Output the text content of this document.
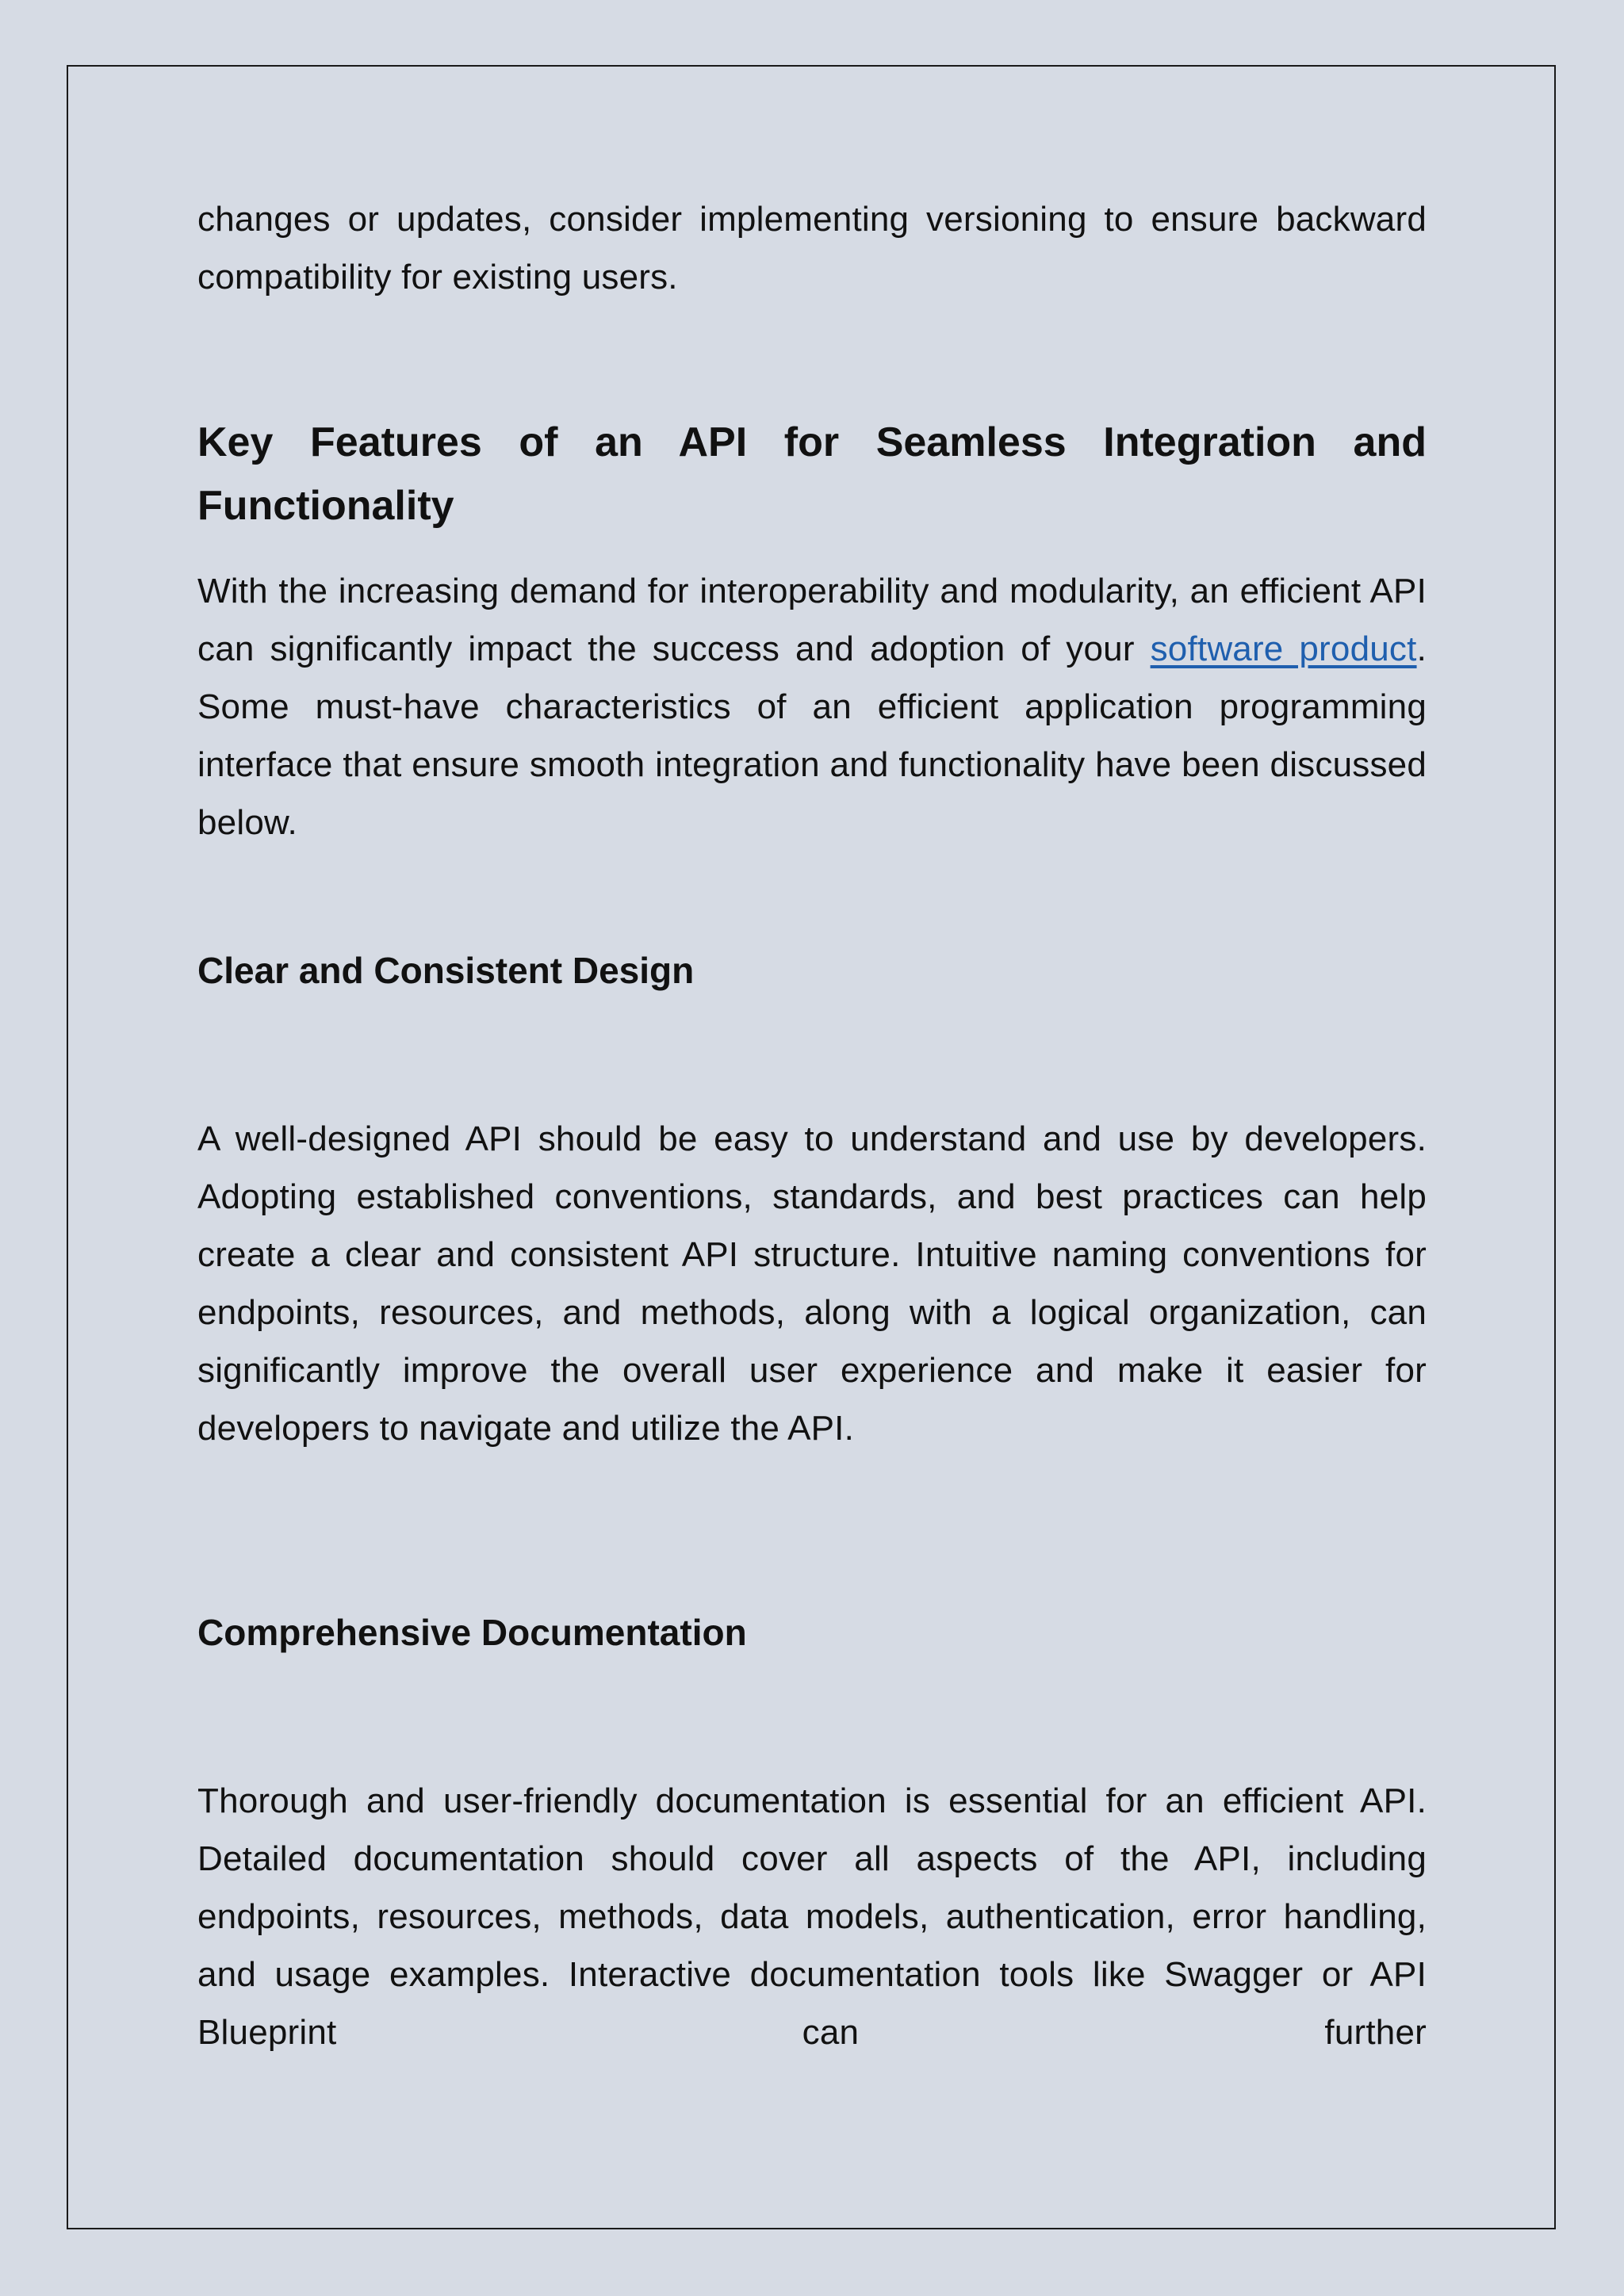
changes or updates, consider implementing versioning to ensure backward compatibility for existing users.

Key Features of an API for Seamless Integration and Functionality

With the increasing demand for interoperability and modularity, an efficient API can significantly impact the success and adoption of your software product. Some must-have characteristics of an efficient application programming interface that ensure smooth integration and functionality have been discussed below.

Clear and Consistent Design

A well-designed API should be easy to understand and use by developers. Adopting established conventions, standards, and best practices can help create a clear and consistent API structure. Intuitive naming conventions for endpoints, resources, and methods, along with a logical organization, can significantly improve the overall user experience and make it easier for developers to navigate and utilize the API.

Comprehensive Documentation

Thorough and user-friendly documentation is essential for an efficient API. Detailed documentation should cover all aspects of the API, including endpoints, resources, methods, data models, authentication, error handling, and usage examples. Interactive documentation tools like Swagger or API Blueprint can further
